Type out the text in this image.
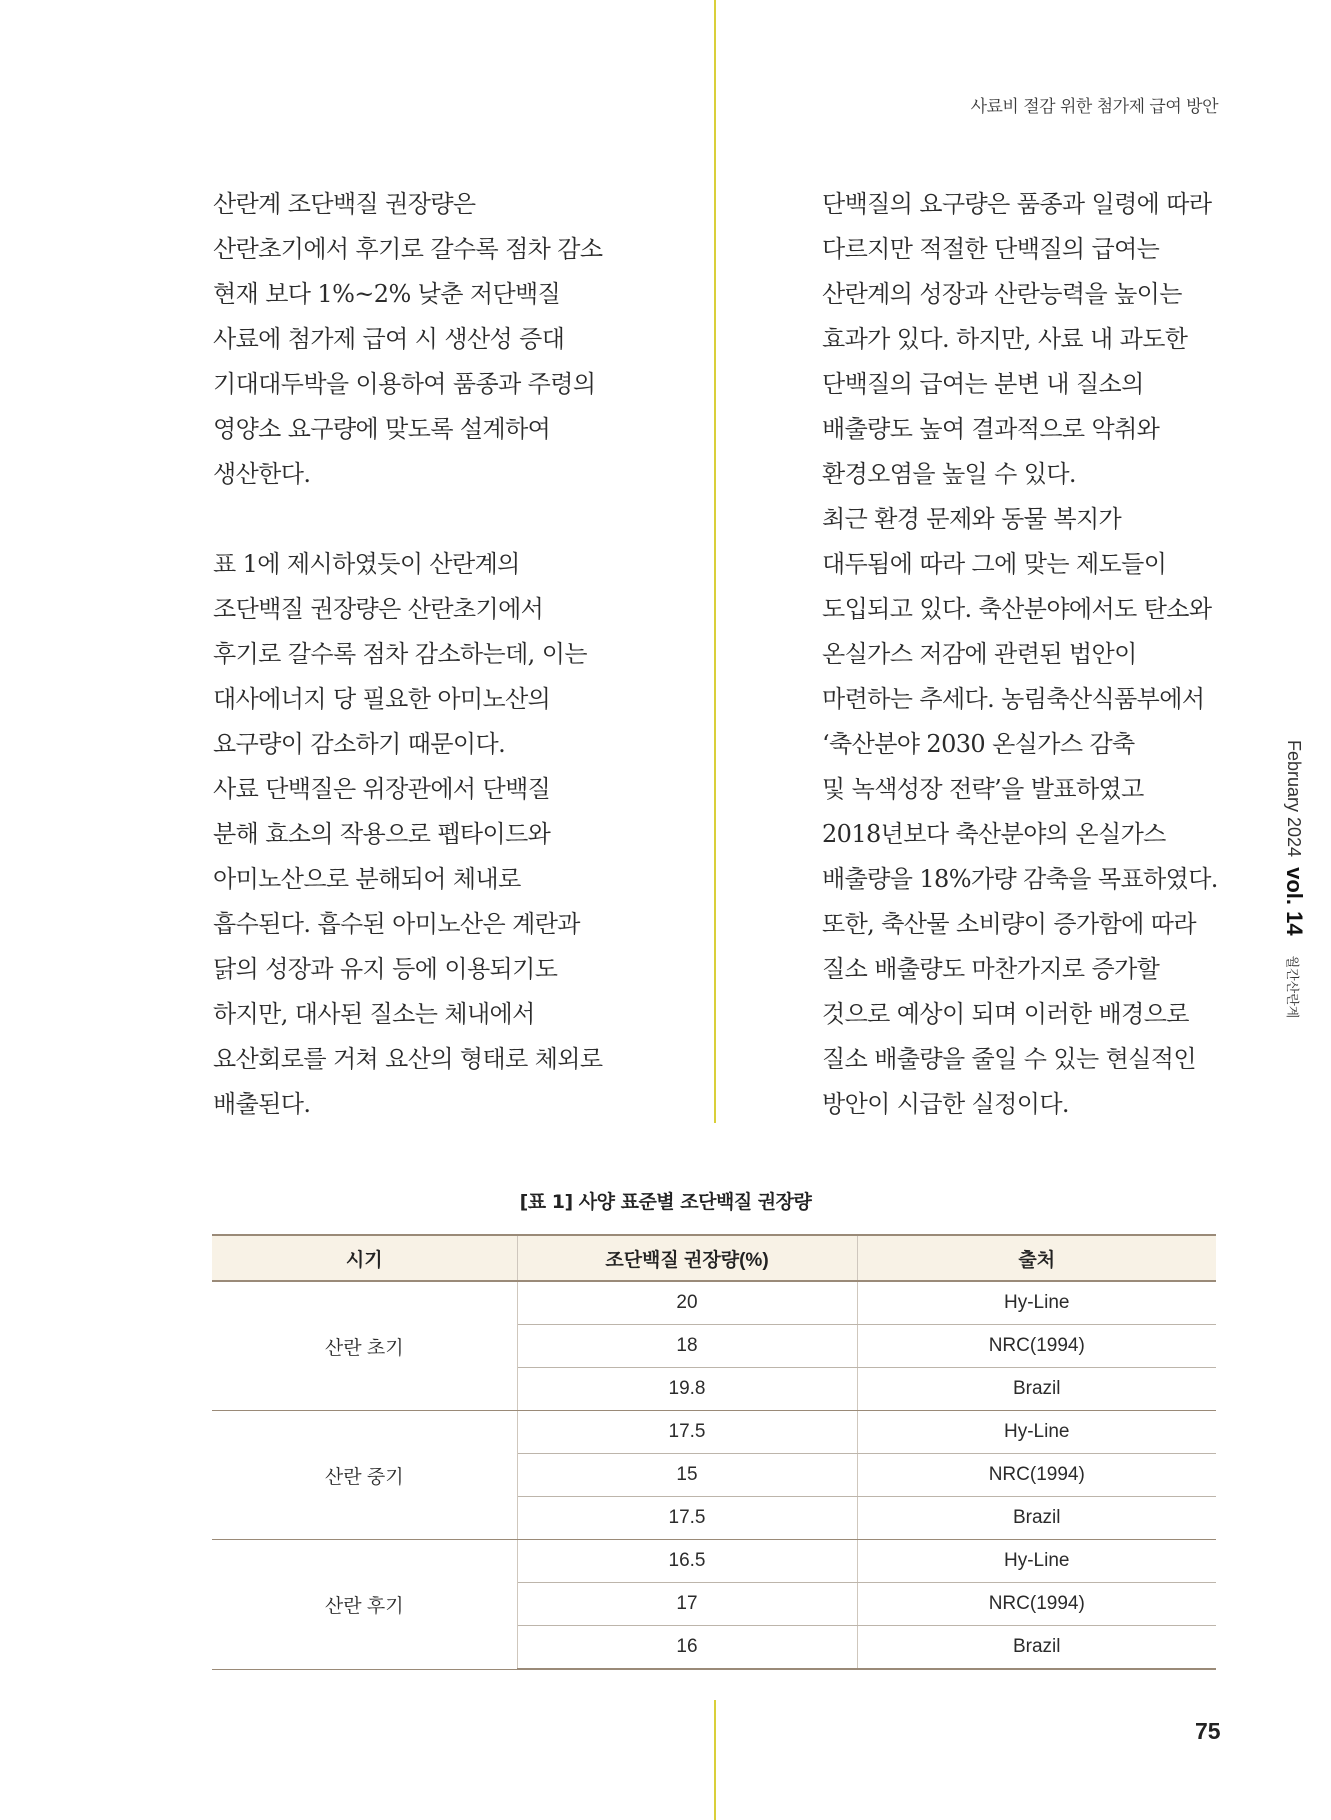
사료비 절감 위한 첨가제 급여 방안
산란계 조단백질 권장량은
산란초기에서 후기로 갈수록 점차 감소
현재 보다 1%~2% 낮춘 저단백질
사료에 첨가제 급여 시 생산성 증대
기대대두박을 이용하여 품종과 주령의
영양소 요구량에 맞도록 설계하여
생산한다.
표 1에 제시하였듯이 산란계의
조단백질 권장량은 산란초기에서
후기로 갈수록 점차 감소하는데, 이는
대사에너지 당 필요한 아미노산의
요구량이 감소하기 때문이다.
사료 단백질은 위장관에서 단백질
분해 효소의 작용으로 펩타이드와
아미노산으로 분해되어 체내로
흡수된다. 흡수된 아미노산은 계란과
닭의 성장과 유지 등에 이용되기도
하지만, 대사된 질소는 체내에서
요산회로를 거쳐 요산의 형태로 체외로
배출된다.
단백질의 요구량은 품종과 일령에 따라
다르지만 적절한 단백질의 급여는
산란계의 성장과 산란능력을 높이는
효과가 있다. 하지만, 사료 내 과도한
단백질의 급여는 분변 내 질소의
배출량도 높여 결과적으로 악취와
환경오염을 높일 수 있다.
최근 환경 문제와 동물 복지가
대두됨에 따라 그에 맞는 제도들이
도입되고 있다. 축산분야에서도 탄소와
온실가스 저감에 관련된 법안이
마련하는 추세다. 농림축산식품부에서
‘축산분야 2030 온실가스 감축
및 녹색성장 전략’을 발표하였고
2018년보다 축산분야의 온실가스
배출량을 18%가량 감축을 목표하였다.
또한, 축산물 소비량이 증가함에 따라
질소 배출량도 마찬가지로 증가할
것으로 예상이 되며 이러한 배경으로
질소 배출량을 줄일 수 있는 현실적인
방안이 시급한 실정이다.
February 2024
vol. 14
월간산란계
[표 1] 사양 표준별 조단백질 권장량
시기	조단백질 권장량(%)	출처
산란 초기	20	Hy-Line
	18	NRC(1994)
	19.8	Brazil
산란 중기	17.5	Hy-Line
	15	NRC(1994)
	17.5	Brazil
산란 후기	16.5	Hy-Line
	17	NRC(1994)
	16	Brazil
75
